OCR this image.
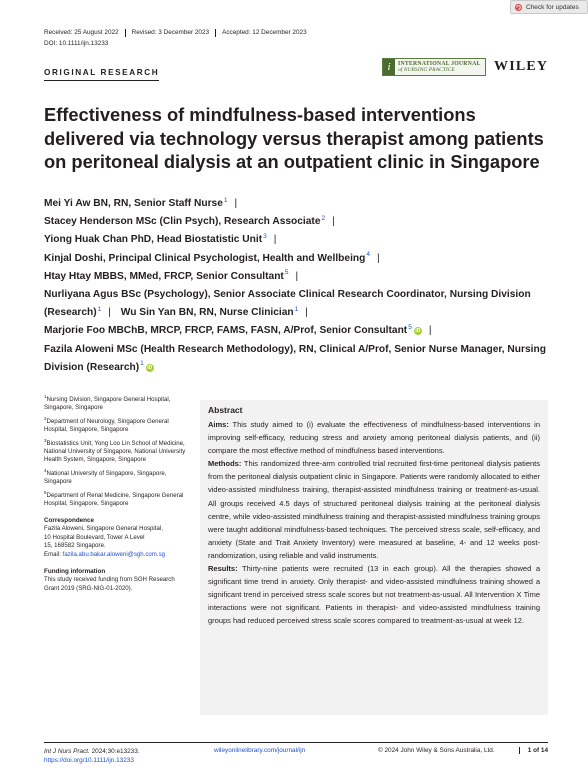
Check for updates
Received: 25 August 2022	Revised: 3 December 2023	Accepted: 12 December 2023
DOI: 10.1111/ijn.13233
ORIGINAL RESEARCH	i	INTERNATIONAL JOURNAL
of NURSING PRACTICE	WILEY
Effectiveness of mindfulness-based interventions delivered via technology versus therapist among patients on peritoneal dialysis at an outpatient clinic in Singapore
Mei Yi Aw BN, RN, Senior Staff Nurse$^1$ |
Stacey Henderson MSc (Clin Psych), Research Associate$^2$ |
Yiong Huak Chan PhD, Head Biostatistic Unit$^3$ |
Kinjal Doshi, Principal Clinical Psychologist, Health and Wellbeing$^4$ |
Htay Htay MBBS, MMed, FRCP, Senior Consultant$^5$ |
Nurliyana Agus BSc (Psychology), Senior Associate Clinical Research Coordinator, Nursing Division (Research)$^1$ | Wu Sin Yan BN, RN, Nurse Clinician$^1$ |
Marjorie Foo MBChB, MRCP, FRCP, FAMS, FASN, A/Prof, Senior Consultant$^5$iD |
Fazila Aloweni MSc (Health Research Methodology), RN, Clinical A/Prof, Senior Nurse Manager, Nursing Division (Research)$^1$iD
$^1$Nursing Division, Singapore General Hospital, Singapore, Singapore
$^2$Department of Neurology, Singapore General Hospital, Singapore, Singapore
$^3$Biostatistics Unit, Yong Loo Lin School of Medicine, National University of Singapore, National University Health System, Singapore, Singapore
$^4$National University of Singapore, Singapore, Singapore
$^5$Department of Renal Medicine, Singapore General Hospital, Singapore, Singapore
Correspondence
Fazila Aloweni, Singapore General Hospital,
10 Hospital Boulevard, Tower A Level
15, 168582 Singapore.
Email: fazila.abu.bakar.aloweni@sgh.com.sg
Funding information
This study received funding from SGH Research Grant 2019 (SRG-NIG-01-2020).
Abstract

Aims: This study aimed to (i) evaluate the effectiveness of mindfulness-based interventions in improving self-efficacy, reducing stress and anxiety among peritoneal dialysis patients, and (ii) compare the most effective method of mindfulness based interventions.

Methods: This randomized three-arm controlled trial recruited first-time peritoneal dialysis patients from the peritoneal dialysis outpatient clinic in Singapore. Patients were randomly allocated to either video-assisted mindfulness training, therapist-assisted mindfulness training or treatment-as-usual. All groups received 4.5 days of structured peritoneal dialysis training at the peritoneal dialysis centre, while video-assisted mindfulness training and therapist-assisted mindfulness training groups were taught additional mindfulness-based techniques. The perceived stress scale, self-efficacy, and anxiety (State and Trait Anxiety Inventory) were measured at baseline, 4- and 12 weeks post-randomization, using reliable and valid instruments.

Results: Thirty-nine patients were recruited (13 in each group). All the therapies showed a significant time trend in anxiety. Only therapist- and video-assisted mindfulness training showed a significant trend in perceived stress scale scores but not treatment-as-usual. All Intervention X Time interactions were not significant. Patients in therapist- and video-assisted mindfulness training groups had reduced perceived stress scale scores compared to treatment-as-usual at week 12.

Int J Nurs Pract. 2024;30:e13233.
https://doi.org/10.1111/ijn.13233
wileyonlinelibrary.com/journal/ijn	© 2024 John Wiley & Sons Australia, Ltd.	1 of 14
